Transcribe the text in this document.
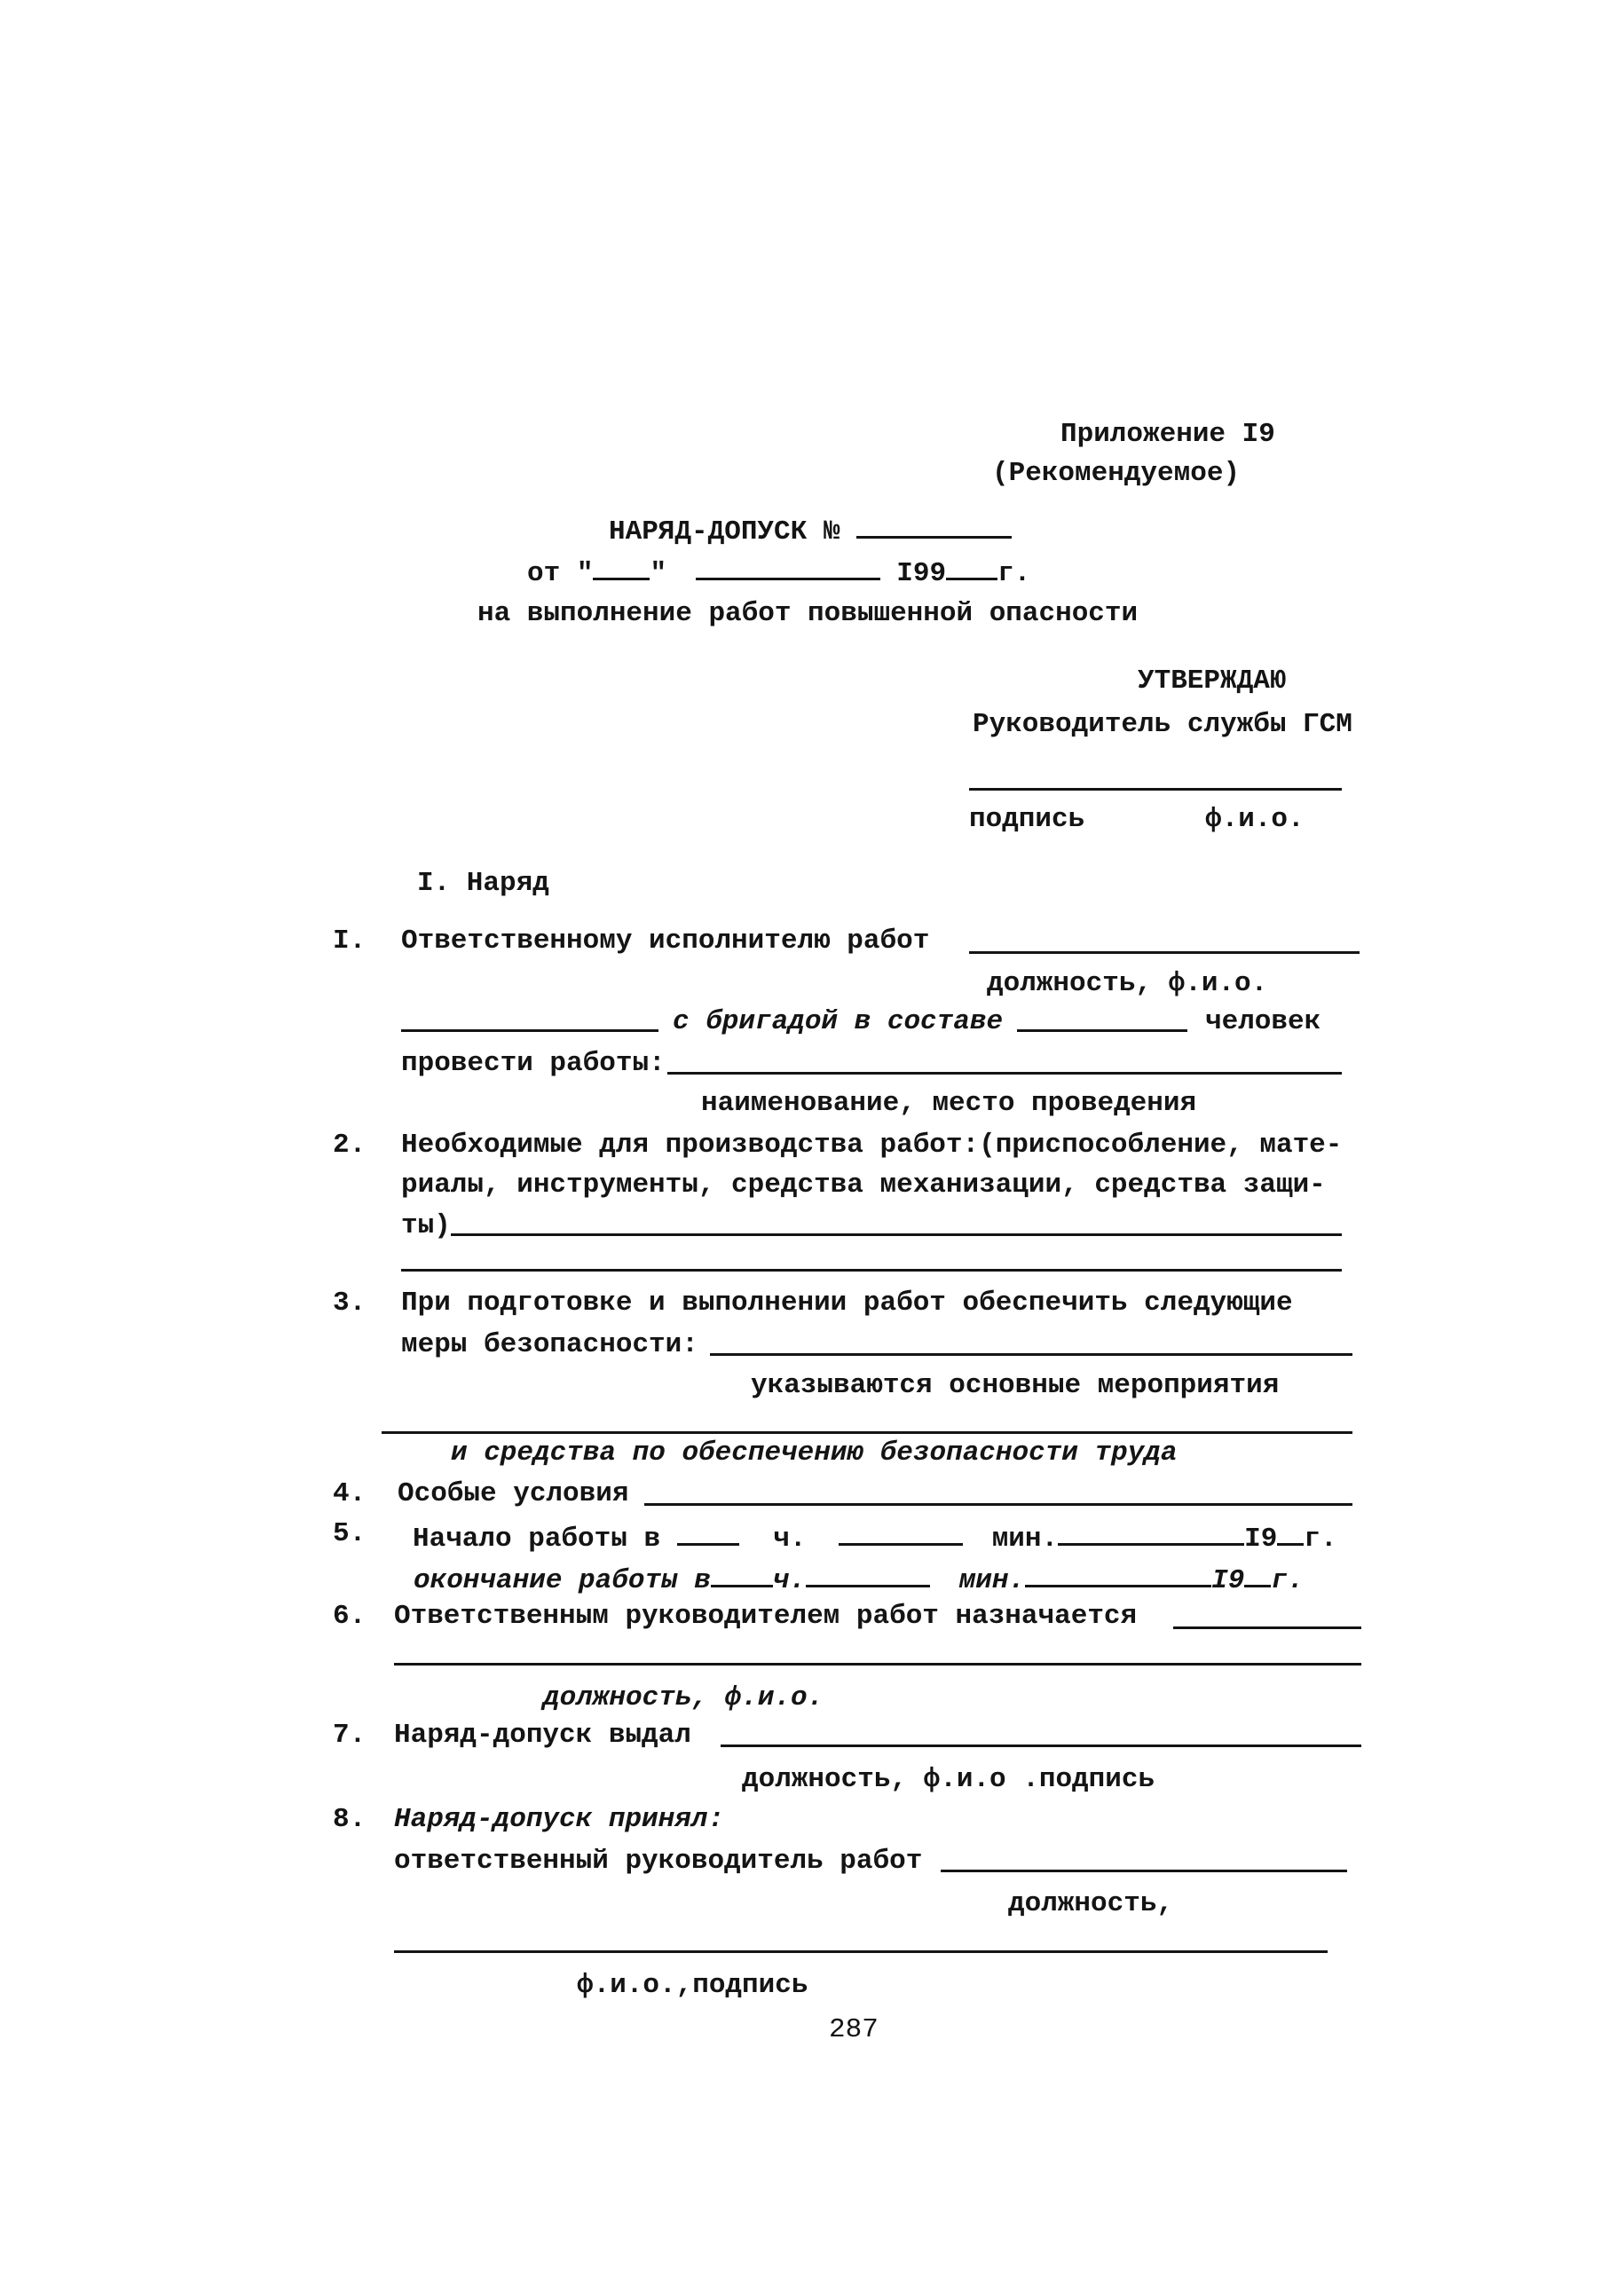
Приложение I9
(Рекомендуемое)
НАРЯД-ДОПУСК №
от " "	I99 г.
на выполнение работ повышенной опасности
УТВЕРЖДАЮ
Руководитель службы ГСМ
подпись	ф.и.о.
I. Наряд
I. Ответственному исполнителю работ
должность, ф.и.о.
с бригадой в составе	человек
провести работы:
наименование, место проведения
2. Необходимые для производства работ:(приспособление, мате-
риалы, инструменты, средства механизации, средства защи-
ты)
3. При подготовке и выполнении работ обеспечить следующие
меры безопасности:
указываются основные мероприятия
и средства по обеспечению безопасности труда
4. Особые условия
5. Начало работы в	ч.	мин.	I9 г.
окончание работы в ч.	мин.	I9 г.
6. Ответственным руководителем работ назначается
должность, ф.и.о.
7. Наряд-допуск выдал
должность, ф.и.о .подпись
8. Наряд-допуск принял:
ответственный руководитель работ
должность,
ф.и.о.,подпись
287
